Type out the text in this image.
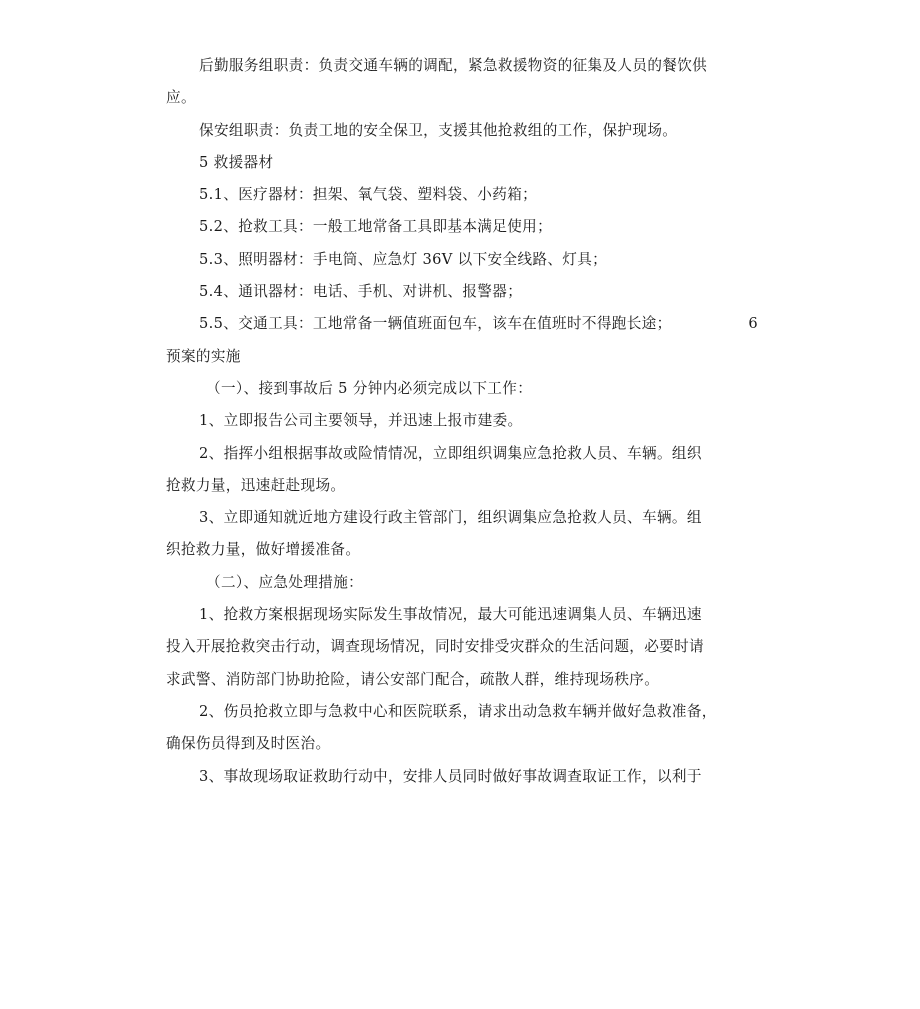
后勤服务组职责：负责交通车辆的调配，紧急救援物资的征集及人员的餐饮供
应。
保安组职责：负责工地的安全保卫，支援其他抢救组的工作，保护现场。
5 救援器材
5.1、医疗器材：担架、氧气袋、塑料袋、小药箱；
5.2、抢救工具：一般工地常备工具即基本满足使用；
5.3、照明器材：手电筒、应急灯 36V 以下安全线路、灯具；
5.4、通讯器材：电话、手机、对讲机、报警器；
5.5、交通工具：工地常备一辆值班面包车，该车在值班时不得跑长途；	6
预案的实施
（一）、接到事故后 5 分钟内必须完成以下工作：
1、立即报告公司主要领导，并迅速上报市建委。
2、指挥小组根据事故或险情情况，立即组织调集应急抢救人员、车辆。组织
抢救力量，迅速赶赴现场。
3、立即通知就近地方建设行政主管部门，组织调集应急抢救人员、车辆。组
织抢救力量，做好增援准备。
（二）、应急处理措施：
1、抢救方案根据现场实际发生事故情况，最大可能迅速调集人员、车辆迅速
投入开展抢救突击行动，调查现场情况，同时安排受灾群众的生活问题，必要时请
求武警、消防部门协助抢险，请公安部门配合，疏散人群，维持现场秩序。
2、伤员抢救立即与急救中心和医院联系，请求出动急救车辆并做好急救准备，
确保伤员得到及时医治。
3、事故现场取证救助行动中，安排人员同时做好事故调查取证工作，以利于
